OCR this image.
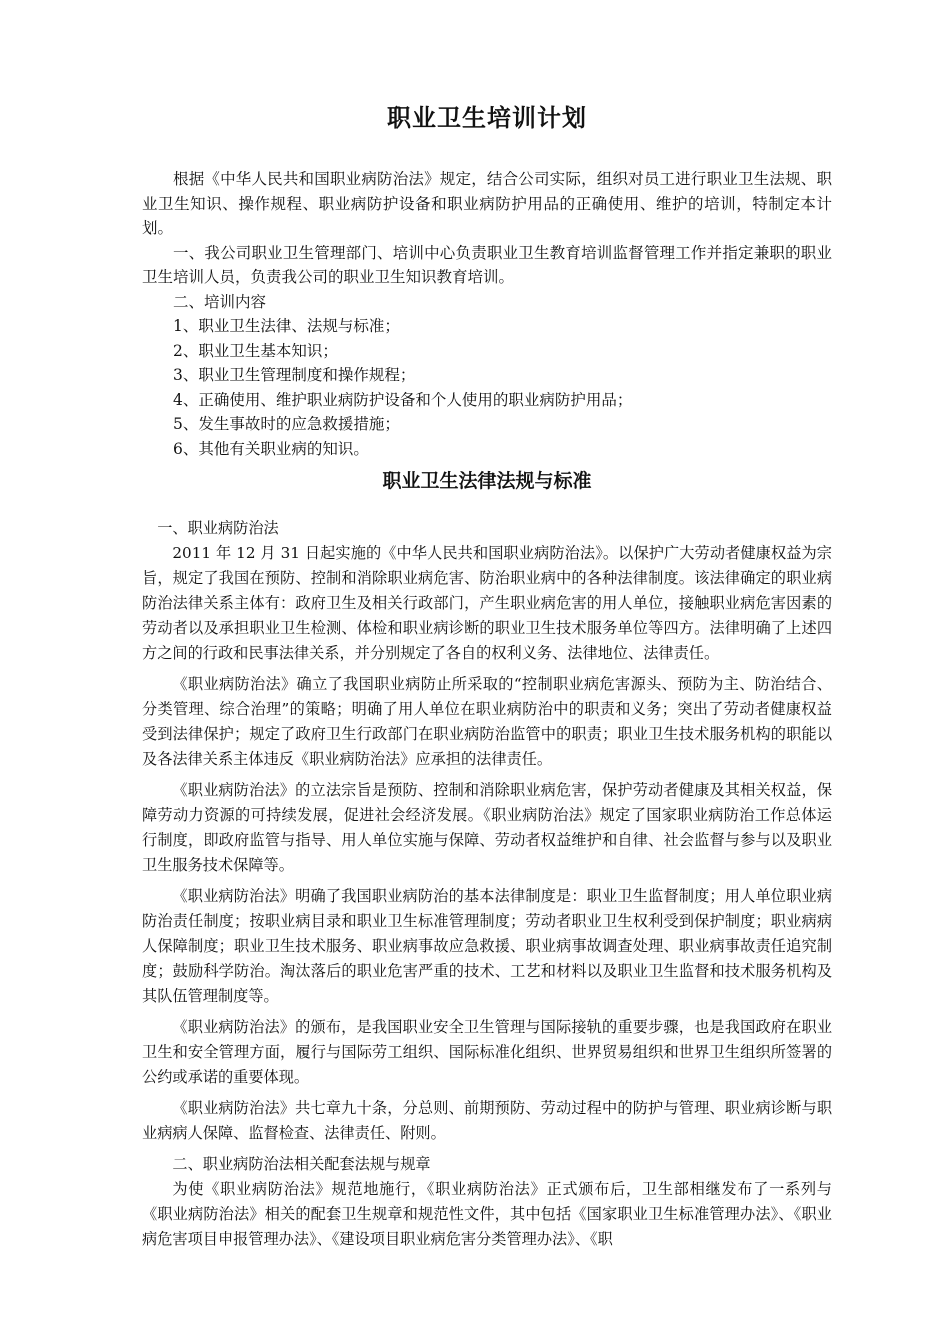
职业卫生培训计划

根据《中华人民共和国职业病防治法》规定，结合公司实际，组织对员工进行职业卫生法规、职业卫生知识、操作规程、职业病防护设备和职业病防护用品的正确使用、维护的培训，特制定本计划。

一、我公司职业卫生管理部门、培训中心负责职业卫生教育培训监督管理工作并指定兼职的职业卫生培训人员，负责我公司的职业卫生知识教育培训。

二、培训内容

1、职业卫生法律、法规与标准；

2、职业卫生基本知识；

3、职业卫生管理制度和操作规程；

4、正确使用、维护职业病防护设备和个人使用的职业病防护用品；

5、发生事故时的应急救援措施；

6、其他有关职业病的知识。

职业卫生法律法规与标准

一、职业病防治法

2011 年 12 月 31 日起实施的《中华人民共和国职业病防治法》。以保护广大劳动者健康权益为宗旨，规定了我国在预防、控制和消除职业病危害、防治职业病中的各种法律制度。该法律确定的职业病防治法律关系主体有：政府卫生及相关行政部门，产生职业病危害的用人单位，接触职业病危害因素的劳动者以及承担职业卫生检测、体检和职业病诊断的职业卫生技术服务单位等四方。法律明确了上述四方之间的行政和民事法律关系，并分别规定了各自的权利义务、法律地位、法律责任。

《职业病防治法》确立了我国职业病防止所采取的“控制职业病危害源头、预防为主、防治结合、分类管理、综合治理”的策略；明确了用人单位在职业病防治中的职责和义务；突出了劳动者健康权益受到法律保护；规定了政府卫生行政部门在职业病防治监管中的职责；职业卫生技术服务机构的职能以及各法律关系主体违反《职业病防治法》应承担的法律责任。

《职业病防治法》的立法宗旨是预防、控制和消除职业病危害，保护劳动者健康及其相关权益，保障劳动力资源的可持续发展，促进社会经济发展。《职业病防治法》规定了国家职业病防治工作总体运行制度，即政府监管与指导、用人单位实施与保障、劳动者权益维护和自律、社会监督与参与以及职业卫生服务技术保障等。

《职业病防治法》明确了我国职业病防治的基本法律制度是：职业卫生监督制度；用人单位职业病防治责任制度；按职业病目录和职业卫生标准管理制度；劳动者职业卫生权利受到保护制度；职业病病人保障制度；职业卫生技术服务、职业病事故应急救援、职业病事故调查处理、职业病事故责任追究制度；鼓励科学防治。淘汰落后的职业危害严重的技术、工艺和材料以及职业卫生监督和技术服务机构及其队伍管理制度等。

《职业病防治法》的颁布，是我国职业安全卫生管理与国际接轨的重要步骤，也是我国政府在职业卫生和安全管理方面，履行与国际劳工组织、国际标准化组织、世界贸易组织和世界卫生组织所签署的公约或承诺的重要体现。

《职业病防治法》共七章九十条，分总则、前期预防、劳动过程中的防护与管理、职业病诊断与职业病病人保障、监督检查、法律责任、附则。

二、职业病防治法相关配套法规与规章

为使《职业病防治法》规范地施行，《职业病防治法》正式颁布后，卫生部相继发布了一系列与《职业病防治法》相关的配套卫生规章和规范性文件，其中包括《国家职业卫生标准管理办法》、《职业病危害项目申报管理办法》、《建设项目职业病危害分类管理办法》、《职
